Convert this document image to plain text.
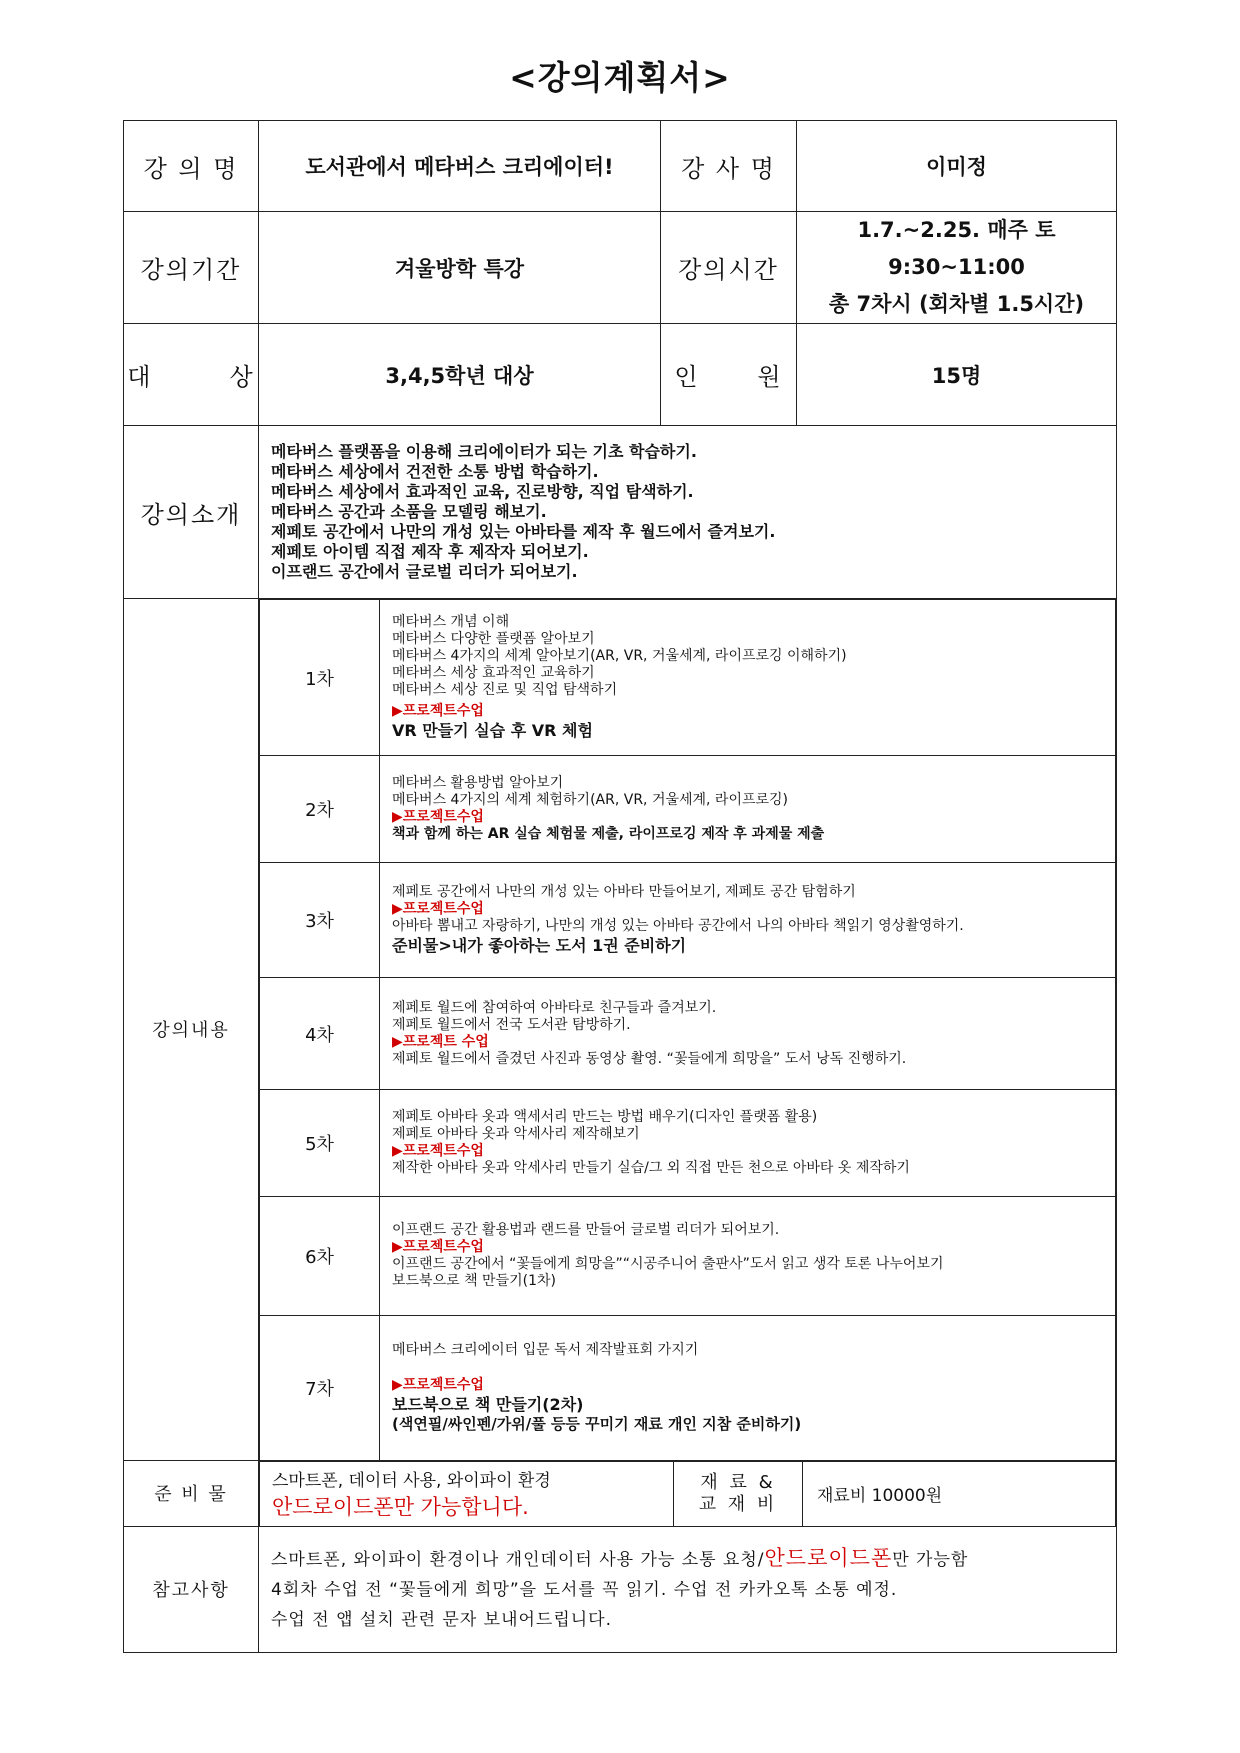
<강의계획서>
강 의 명	도서관에서 메타버스 크리에이터!	강 사 명	이미정
강의기간	겨울방학 특강	강의시간	
1.7.~2.25. 매주 토
9:30~11:00
총 7차시 (회차별 1.5시간)

대        상	3,4,5학년 대상	인      원	15명
강의소개	
메타버스 플랫폼을 이용해 크리에이터가 되는 기초 학습하기.
메타버스 세상에서 건전한 소통 방법 학습하기.
메타버스 세상에서 효과적인 교육, 진로방향, 직업 탐색하기.
메타버스 공간과 소품을 모델링 해보기.
제페토 공간에서 나만의 개성 있는 아바타를 제작 후 월드에서 즐겨보기.
제페토 아이템 직접 제작 후 제작자 되어보기.
이프랜드 공간에서 글로벌 리더가 되어보기.

강의내용	
1차	
메타버스 개념 이해
메타버스 다양한 플랫폼 알아보기
메타버스 4가지의 세계 알아보기(AR, VR, 거울세계, 라이프로깅 이해하기)
메타버스 세상 효과적인 교육하기
메타버스 세상 진로 및 직업 탐색하기
▶프로젝트수업
VR 만들기 실습 후 VR 체험

2차	
메타버스 활용방법 알아보기
메타버스 4가지의 세계 체험하기(AR, VR, 거울세계, 라이프로깅)
▶프로젝트수업
책과 함께 하는 AR 실습 체험물 제출, 라이프로깅 제작 후 과제물 제출

3차	
제페토 공간에서 나만의 개성 있는 아바타 만들어보기, 제페토 공간 탐험하기
▶프로젝트수업
아바타 뽐내고 자랑하기, 나만의 개성 있는 아바타 공간에서 나의 아바타 책읽기 영상촬영하기.
준비물>내가 좋아하는 도서 1권 준비하기

4차	
제페토 월드에 참여하여 아바타로 친구들과 즐겨보기.
제페토 월드에서 전국 도서관 탐방하기.
▶프로젝트 수업
제페토 월드에서 즐겼던 사진과 동영상 촬영. “꽃들에게 희망을” 도서 낭독 진행하기.

5차	
제페토 아바타 옷과 액세서리 만드는 방법 배우기(디자인 플랫폼 활용)
제페토 아바타 옷과 악세사리 제작해보기
▶프로젝트수업
제작한 아바타 옷과 악세사리 만들기 실습/그 외 직접 만든 천으로 아바타 옷 제작하기

6차	
이프랜드 공간 활용법과 랜드를 만들어 글로벌 리더가 되어보기.
▶프로젝트수업
이프랜드 공간에서 “꽃들에게 희망을”“시공주니어 출판사”도서 읽고 생각 토론 나누어보기
보드북으로 책 만들기(1차)

7차	
메타버스 크리에이터 입문 독서 제작발표회 가지기
▶프로젝트수업
보드북으로 책 만들기(2차)
(색연필/싸인펜/가위/풀 등등 꾸미기 재료 개인 지참 준비하기)

준 비 물	
스마트폰, 데이터 사용, 와이파이 환경
안드로이드폰만 가능합니다.

재 료 &
교 재 비	재료비 10000원

참고사항	
스마트폰, 와이파이 환경이나 개인데이터 사용 가능 소통 요청/안드로이드폰만 가능함
4회차 수업 전 “꽃들에게 희망”을 도서를 꼭 읽기. 수업 전 카카오톡 소통 예정.
수업 전 앱 설치 관련 문자 보내어드립니다.
